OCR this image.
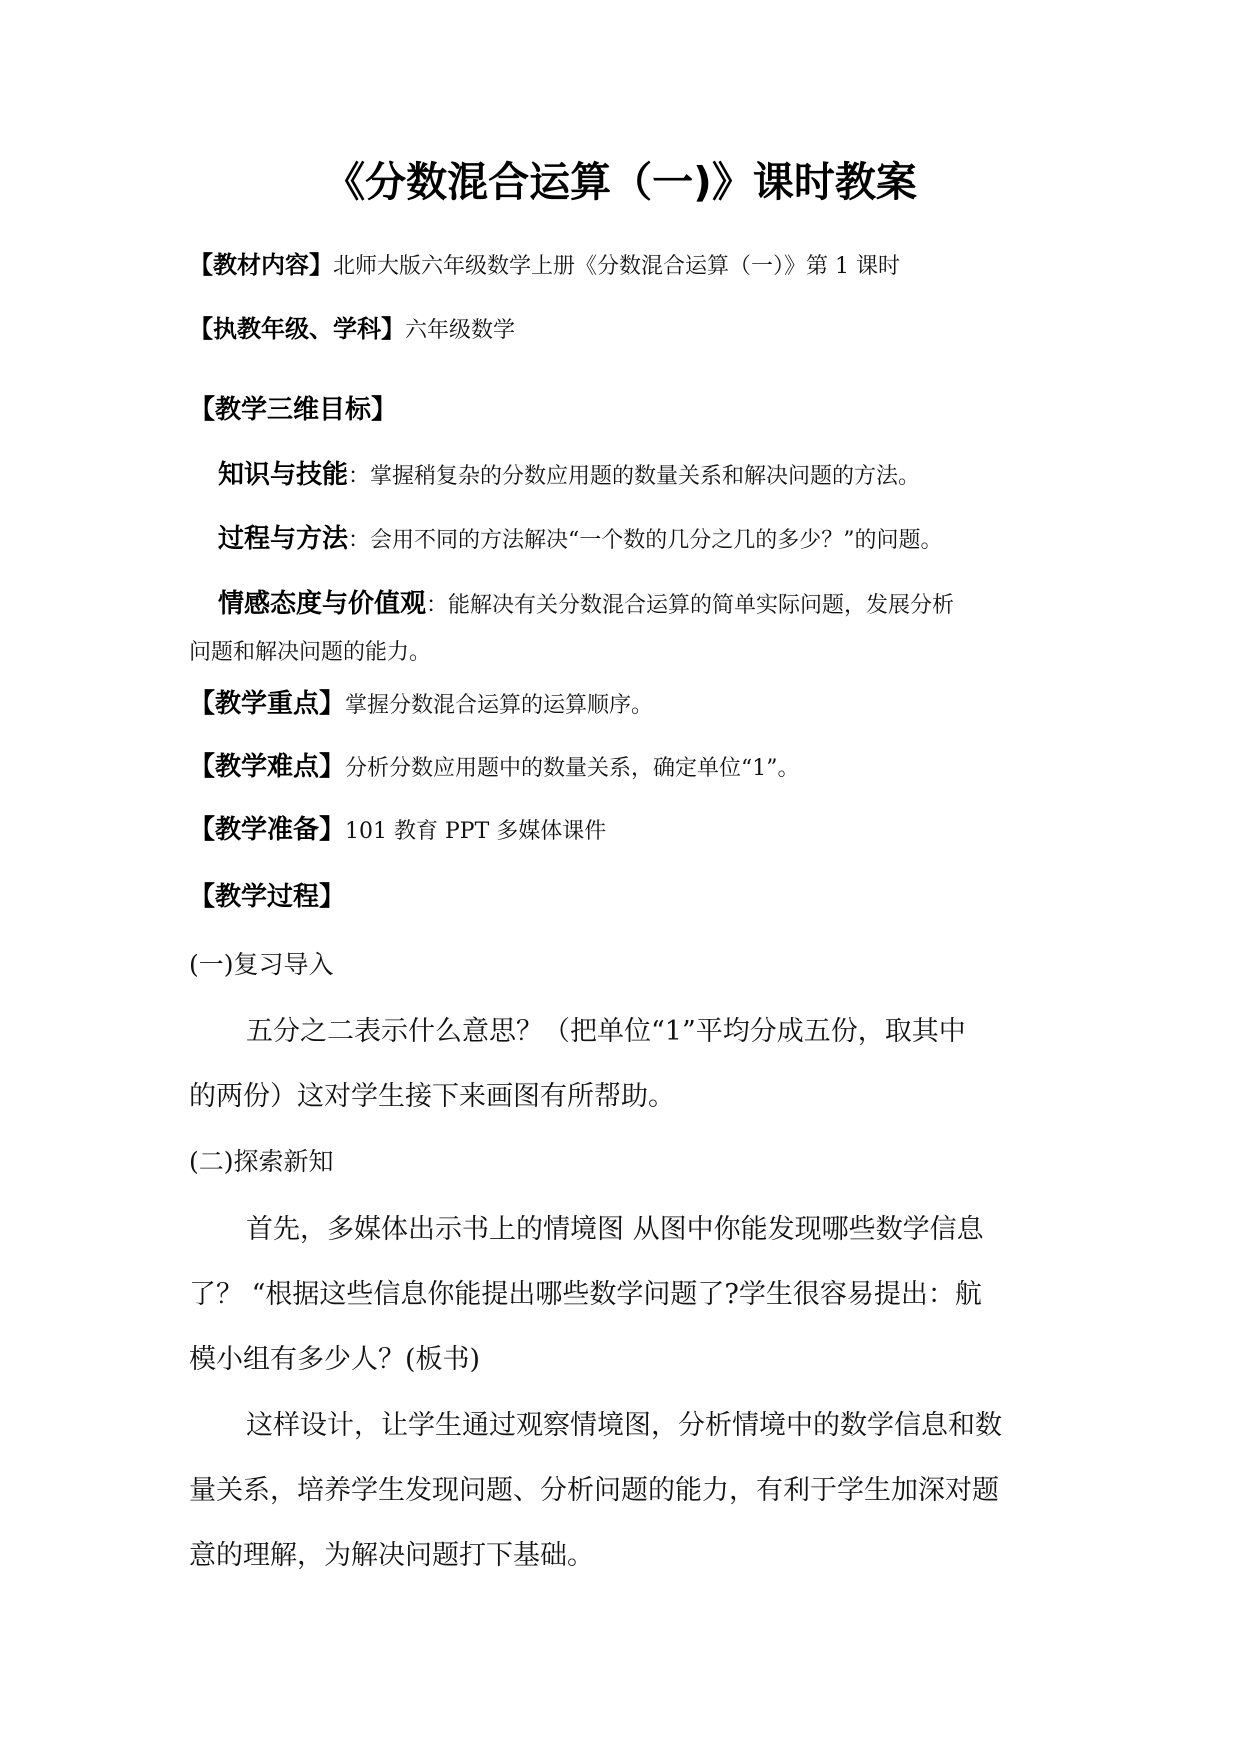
《分数混合运算（一)》课时教案
【教材内容】北师大版六年级数学上册《分数混合运算（一）》第 1 课时
【执教年级、学科】六年级数学
【教学三维目标】
知识与技能：掌握稍复杂的分数应用题的数量关系和解决问题的方法。
过程与方法：会用不同的方法解决“一个数的几分之几的多少？”的问题。
情感态度与价值观：能解决有关分数混合运算的简单实际问题，发展分析
问题和解决问题的能力。
【教学重点】掌握分数混合运算的运算顺序。
【教学难点】分析分数应用题中的数量关系，确定单位“1”。
【教学准备】101 教育 PPT 多媒体课件
【教学过程】
(一)复习导入
五分之二表示什么意思？（把单位“1”平均分成五份，取其中
的两份）这对学生接下来画图有所帮助。
(二)探索新知
首先，多媒体出示书上的情境图 从图中你能发现哪些数学信息
了？ “根据这些信息你能提出哪些数学问题了?学生很容易提出：航
模小组有多少人？(板书)
这样设计，让学生通过观察情境图，分析情境中的数学信息和数
量关系，培养学生发现问题、分析问题的能力，有利于学生加深对题
意的理解，为解决问题打下基础。
